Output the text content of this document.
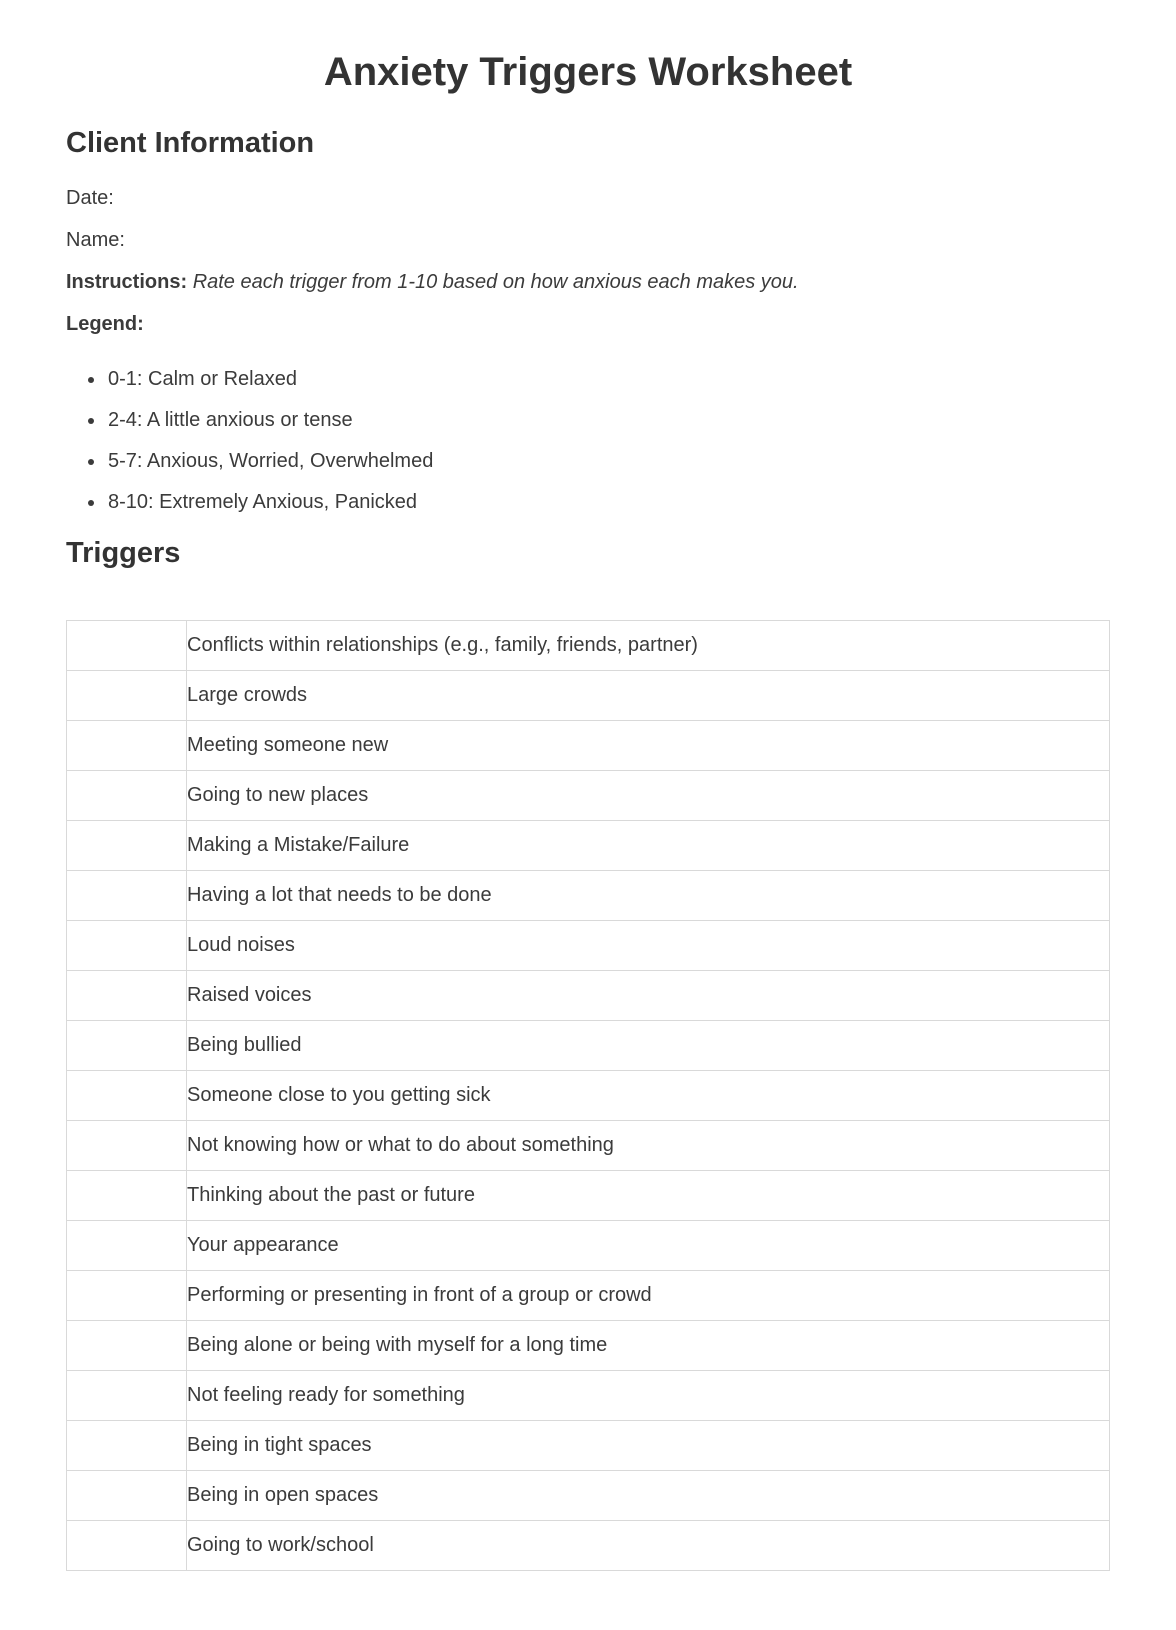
Anxiety Triggers Worksheet
Client Information

Date:

Name:

Instructions: Rate each trigger from 1-10 based on how anxious each makes you.

Legend:

• 0-1: Calm or Relaxed
• 2-4: A little anxious or tense
• 5-7: Anxious, Worried, Overwhelmed
• 8-10: Extremely Anxious, Panicked
Triggers
	Conflicts within relationships (e.g., family, friends, partner)
	Large crowds
	Meeting someone new
	Going to new places
	Making a Mistake/Failure
	Having a lot that needs to be done
	Loud noises
	Raised voices
	Being bullied
	Someone close to you getting sick
	Not knowing how or what to do about something
	Thinking about the past or future
	Your appearance
	Performing or presenting in front of a group or crowd
	Being alone or being with myself for a long time
	Not feeling ready for something
	Being in tight spaces
	Being in open spaces
	Going to work/school
